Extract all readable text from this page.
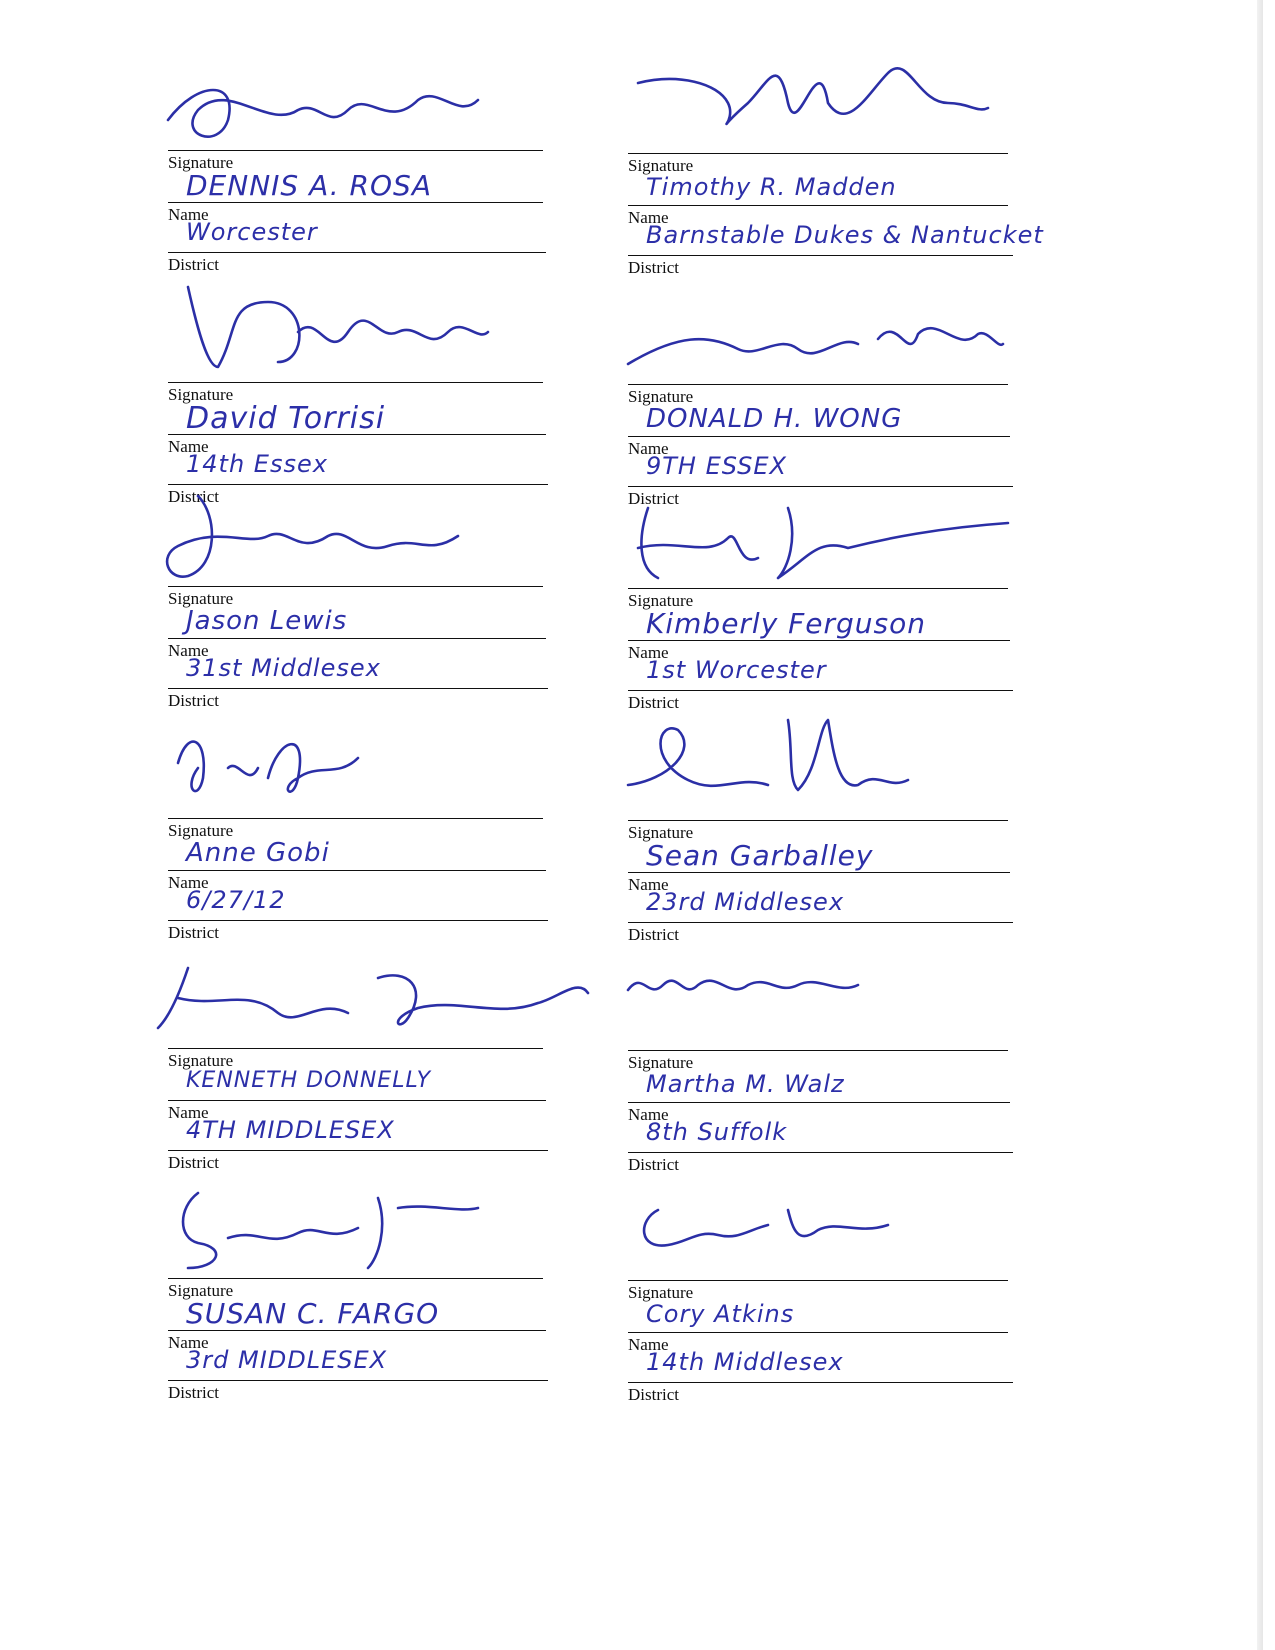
Signature
DENNIS A. ROSA
Name
Worcester
District
Signature
Timothy R. Madden
Name
Barnstable Dukes & Nantucket
District
Signature
David Torrisi
Name
14th Essex
District
Signature
DONALD H. WONG
Name
9TH ESSEX
District
Signature
Jason Lewis
Name
31st Middlesex
District
Signature
Kimberly Ferguson
Name
1st Worcester
District
Signature
Anne Gobi
Name
6/27/12
District
Signature
Sean Garballey
Name
23rd Middlesex
District
Signature
KENNETH DONNELLY
Name
4TH MIDDLESEX
District
Signature
Martha M. Walz
Name
8th Suffolk
District
Signature
SUSAN C. FARGO
Name
3rd MIDDLESEX
District
Signature
Cory Atkins
Name
14th Middlesex
District
